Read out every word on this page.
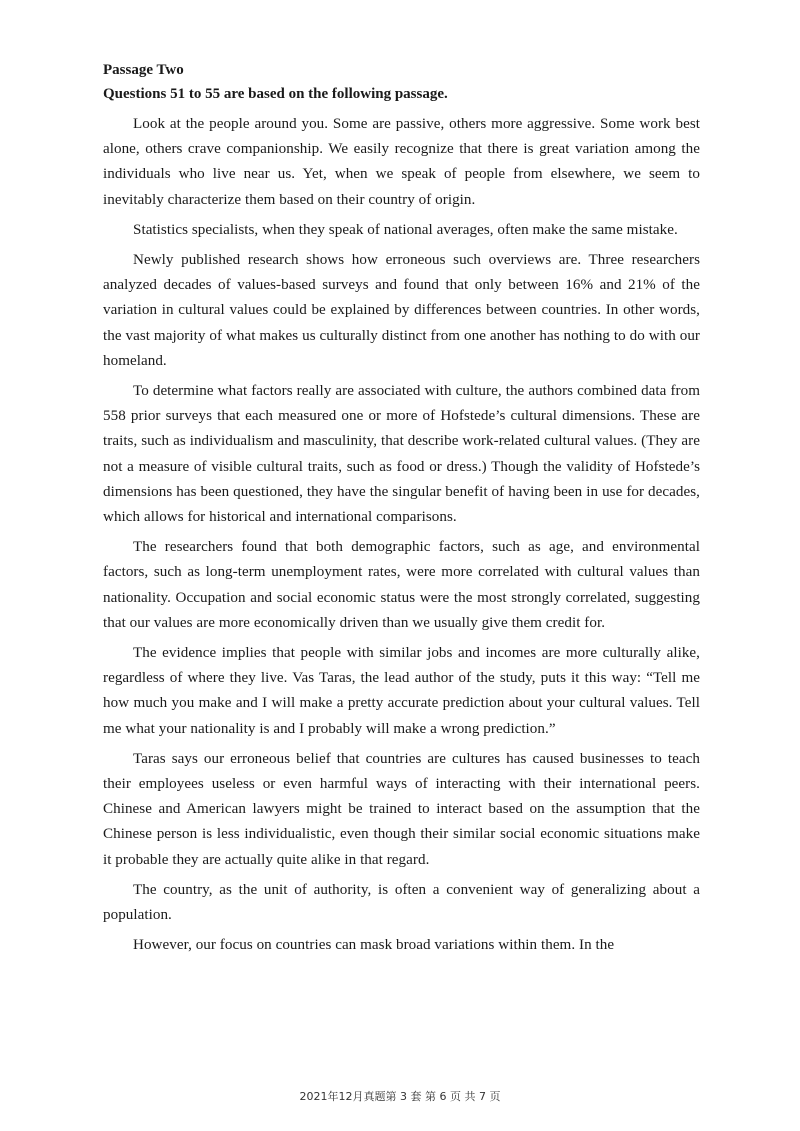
Passage Two

Questions 51 to 55 are based on the following passage.

Look at the people around you. Some are passive, others more aggressive. Some work best alone, others crave companionship. We easily recognize that there is great variation among the individuals who live near us. Yet, when we speak of people from elsewhere, we seem to inevitably characterize them based on their country of origin.

Statistics specialists, when they speak of national averages, often make the same mistake.

Newly published research shows how erroneous such overviews are. Three researchers analyzed decades of values-based surveys and found that only between 16% and 21% of the variation in cultural values could be explained by differences between countries. In other words, the vast majority of what makes us culturally distinct from one another has nothing to do with our homeland.

To determine what factors really are associated with culture, the authors combined data from 558 prior surveys that each measured one or more of Hofstede’s cultural dimensions. These are traits, such as individualism and masculinity, that describe work-related cultural values. (They are not a measure of visible cultural traits, such as food or dress.) Though the validity of Hofstede’s dimensions has been questioned, they have the singular benefit of having been in use for decades, which allows for historical and international comparisons.

The researchers found that both demographic factors, such as age, and environmental factors, such as long-term unemployment rates, were more correlated with cultural values than nationality. Occupation and social economic status were the most strongly correlated, suggesting that our values are more economically driven than we usually give them credit for.

The evidence implies that people with similar jobs and incomes are more culturally alike, regardless of where they live. Vas Taras, the lead author of the study, puts it this way: “Tell me how much you make and I will make a pretty accurate prediction about your cultural values. Tell me what your nationality is and I probably will make a wrong prediction.”

Taras says our erroneous belief that countries are cultures has caused businesses to teach their employees useless or even harmful ways of interacting with their international peers. Chinese and American lawyers might be trained to interact based on the assumption that the Chinese person is less individualistic, even though their similar social economic situations make it probable they are actually quite alike in that regard.

The country, as the unit of authority, is often a convenient way of generalizing about a population.

However, our focus on countries can mask broad variations within them. In the

2021年12月真题第 3 套 第 6 页 共 7 页
